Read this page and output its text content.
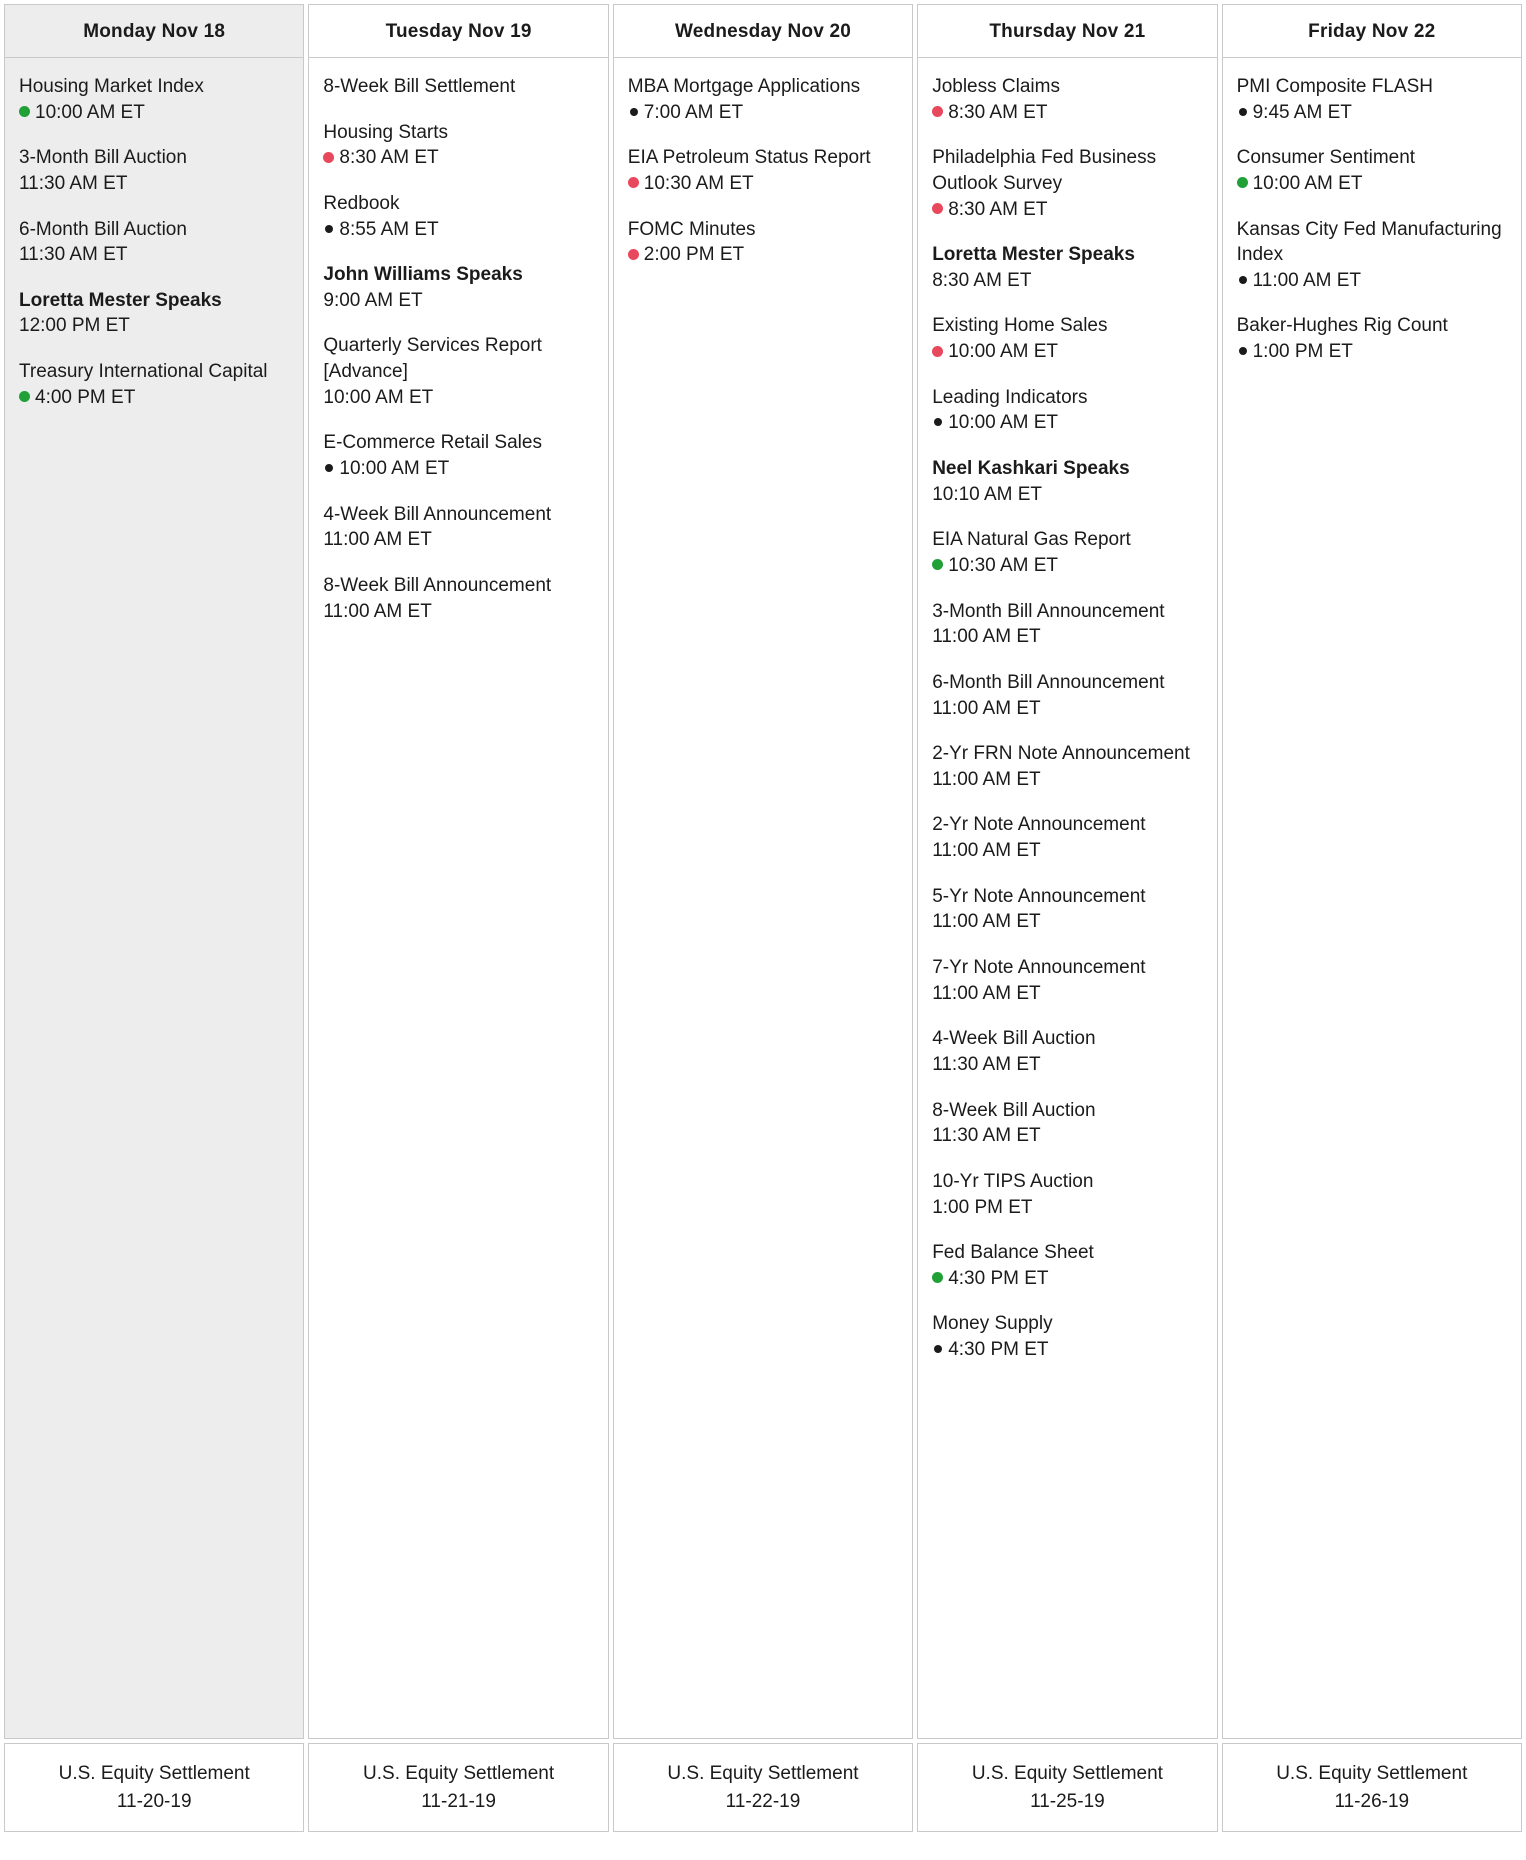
Monday Nov 18
Housing Market Index
10:00 AM ET
3-Month Bill Auction
11:30 AM ET
6-Month Bill Auction
11:30 AM ET
Loretta Mester Speaks
12:00 PM ET
Treasury International Capital
4:00 PM ET
Tuesday Nov 19
8-Week Bill Settlement
Housing Starts
8:30 AM ET
Redbook
8:55 AM ET
John Williams Speaks
9:00 AM ET
Quarterly Services Report [Advance]
10:00 AM ET
E-Commerce Retail Sales
10:00 AM ET
4-Week Bill Announcement
11:00 AM ET
8-Week Bill Announcement
11:00 AM ET
Wednesday Nov 20
MBA Mortgage Applications
7:00 AM ET
EIA Petroleum Status Report
10:30 AM ET
FOMC Minutes
2:00 PM ET
Thursday Nov 21
Jobless Claims
8:30 AM ET
Philadelphia Fed Business Outlook Survey
8:30 AM ET
Loretta Mester Speaks
8:30 AM ET
Existing Home Sales
10:00 AM ET
Leading Indicators
10:00 AM ET
Neel Kashkari Speaks
10:10 AM ET
EIA Natural Gas Report
10:30 AM ET
3-Month Bill Announcement
11:00 AM ET
6-Month Bill Announcement
11:00 AM ET
2-Yr FRN Note Announcement
11:00 AM ET
2-Yr Note Announcement
11:00 AM ET
5-Yr Note Announcement
11:00 AM ET
7-Yr Note Announcement
11:00 AM ET
4-Week Bill Auction
11:30 AM ET
8-Week Bill Auction
11:30 AM ET
10-Yr TIPS Auction
1:00 PM ET
Fed Balance Sheet
4:30 PM ET
Money Supply
4:30 PM ET
Friday Nov 22
PMI Composite FLASH
9:45 AM ET
Consumer Sentiment
10:00 AM ET
Kansas City Fed Manufacturing Index
11:00 AM ET
Baker-Hughes Rig Count
1:00 PM ET
U.S. Equity Settlement
11-20-19
U.S. Equity Settlement
11-21-19
U.S. Equity Settlement
11-22-19
U.S. Equity Settlement
11-25-19
U.S. Equity Settlement
11-26-19
